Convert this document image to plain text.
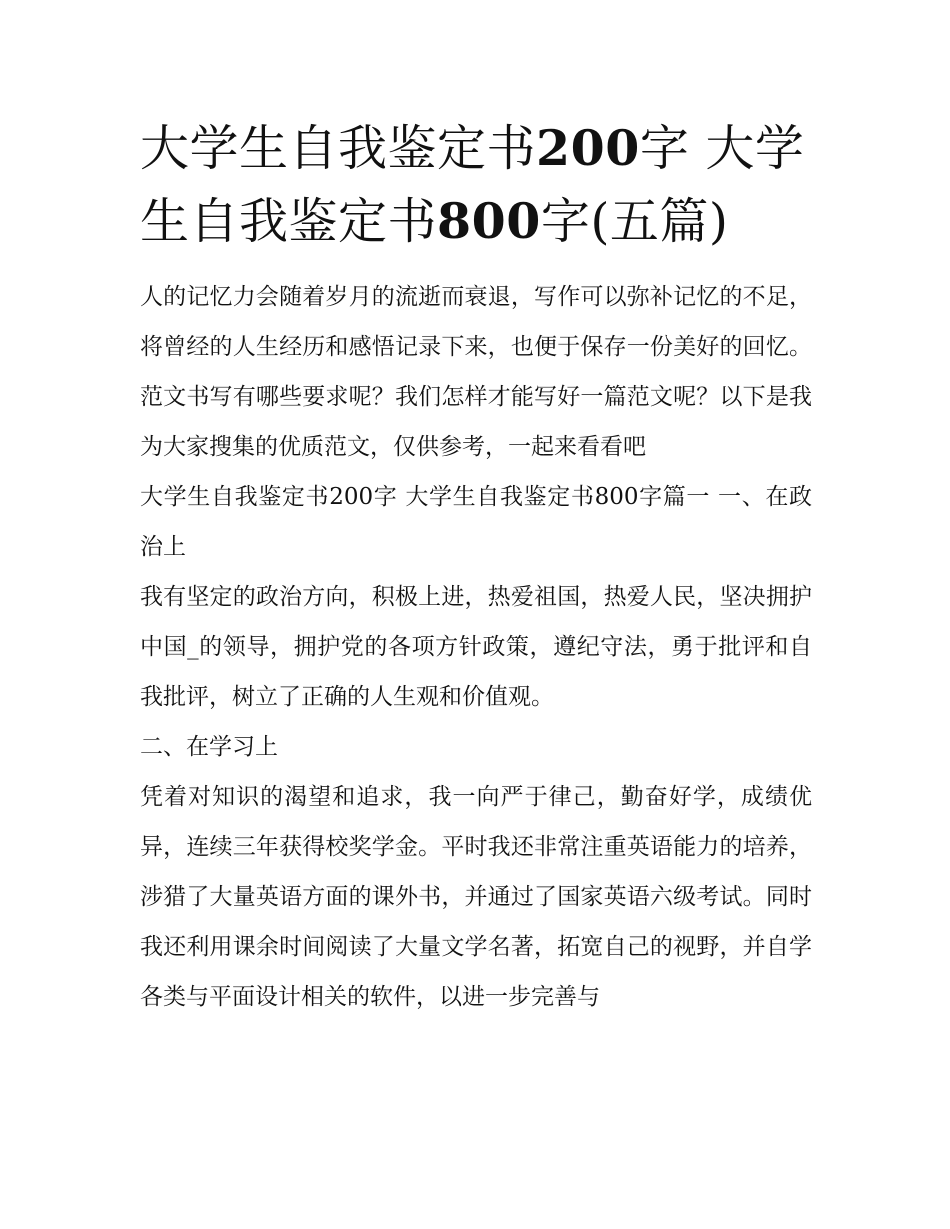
大学生自我鉴定书200字 大学生自我鉴定书800字(五篇)

人的记忆力会随着岁月的流逝而衰退，写作可以弥补记忆的不足，将曾经的人生经历和感悟记录下来，也便于保存一份美好的回忆。范文书写有哪些要求呢？我们怎样才能写好一篇范文呢？以下是我为大家搜集的优质范文，仅供参考，一起来看看吧

大学生自我鉴定书200字 大学生自我鉴定书800字篇一 一、在政治上

我有坚定的政治方向，积极上进，热爱祖国，热爱人民，坚决拥护中国_的领导，拥护党的各项方针政策，遵纪守法，勇于批评和自我批评，树立了正确的人生观和价值观。

二、在学习上

凭着对知识的渴望和追求，我一向严于律己，勤奋好学，成绩优异，连续三年获得校奖学金。平时我还非常注重英语能力的培养，涉猎了大量英语方面的课外书，并通过了国家英语六级考试。同时我还利用课余时间阅读了大量文学名著，拓宽自己的视野，并自学各类与平面设计相关的软件，以进一步完善与
